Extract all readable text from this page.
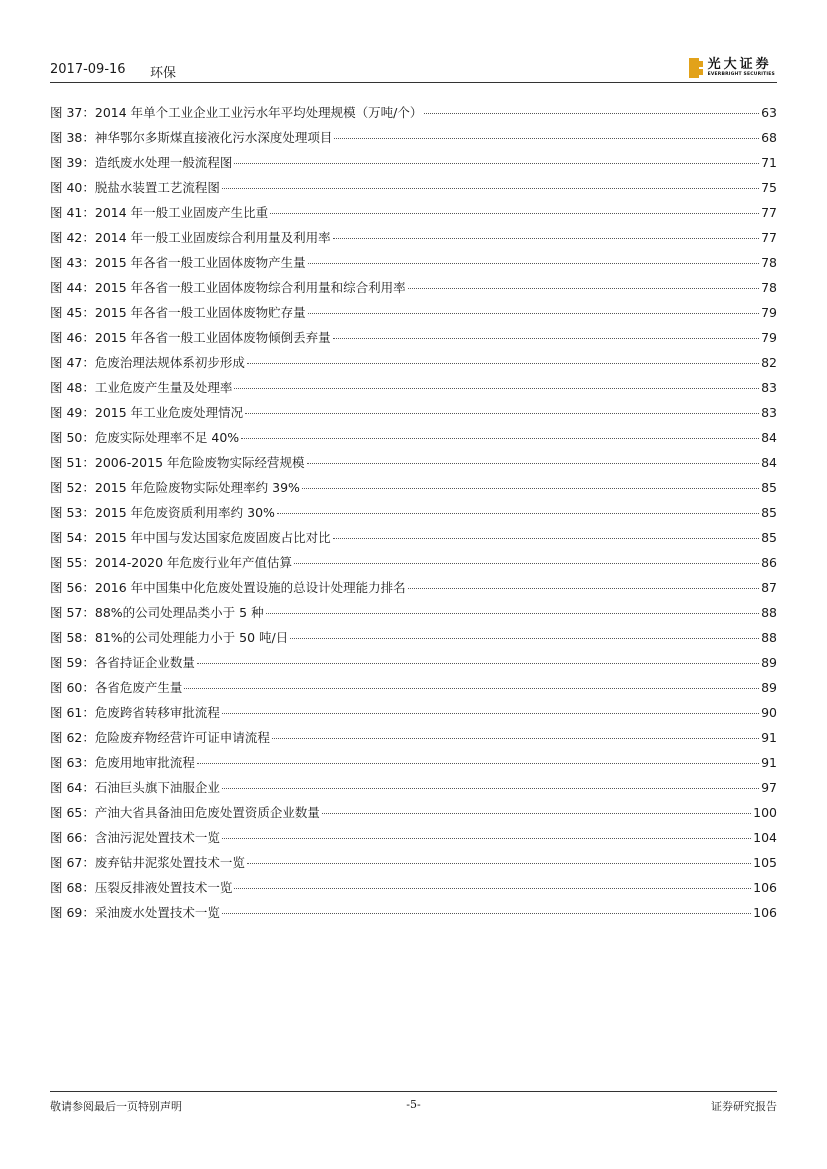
2017-09-16 环保
光大证券
EVERBRIGHT SECURITIES
图 37： 2014 年单个工业企业工业污水年平均处理规模（万吨/个）	63
图 38： 神华鄂尔多斯煤直接液化污水深度处理项目	68
图 39： 造纸废水处理一般流程图	71
图 40： 脱盐水装置工艺流程图	75
图 41： 2014 年一般工业固废产生比重	77
图 42： 2014 年一般工业固废综合利用量及利用率	77
图 43： 2015 年各省一般工业固体废物产生量	78
图 44： 2015 年各省一般工业固体废物综合利用量和综合利用率	78
图 45： 2015 年各省一般工业固体废物贮存量	79
图 46： 2015 年各省一般工业固体废物倾倒丢弃量	79
图 47： 危废治理法规体系初步形成	82
图 48： 工业危废产生量及处理率	83
图 49： 2015 年工业危废处理情况	83
图 50： 危废实际处理率不足 40%	84
图 51： 2006-2015 年危险废物实际经营规模	84
图 52： 2015 年危险废物实际处理率约 39%	85
图 53： 2015 年危废资质利用率约 30%	85
图 54： 2015 年中国与发达国家危废固废占比对比	85
图 55： 2014-2020 年危废行业年产值估算	86
图 56： 2016 年中国集中化危废处置设施的总设计处理能力排名	87
图 57： 88%的公司处理品类小于 5 种	88
图 58： 81%的公司处理能力小于 50 吨/日	88
图 59： 各省持证企业数量	89
图 60： 各省危废产生量	89
图 61： 危废跨省转移审批流程	90
图 62： 危险废弃物经营许可证申请流程	91
图 63： 危废用地审批流程	91
图 64： 石油巨头旗下油服企业	97
图 65： 产油大省具备油田危废处置资质企业数量	100
图 66： 含油污泥处置技术一览	104
图 67： 废弃钻井泥浆处置技术一览	105
图 68： 压裂反排液处置技术一览	106
图 69： 采油废水处置技术一览	106
敬请参阅最后一页特别声明	-5-	证券研究报告
